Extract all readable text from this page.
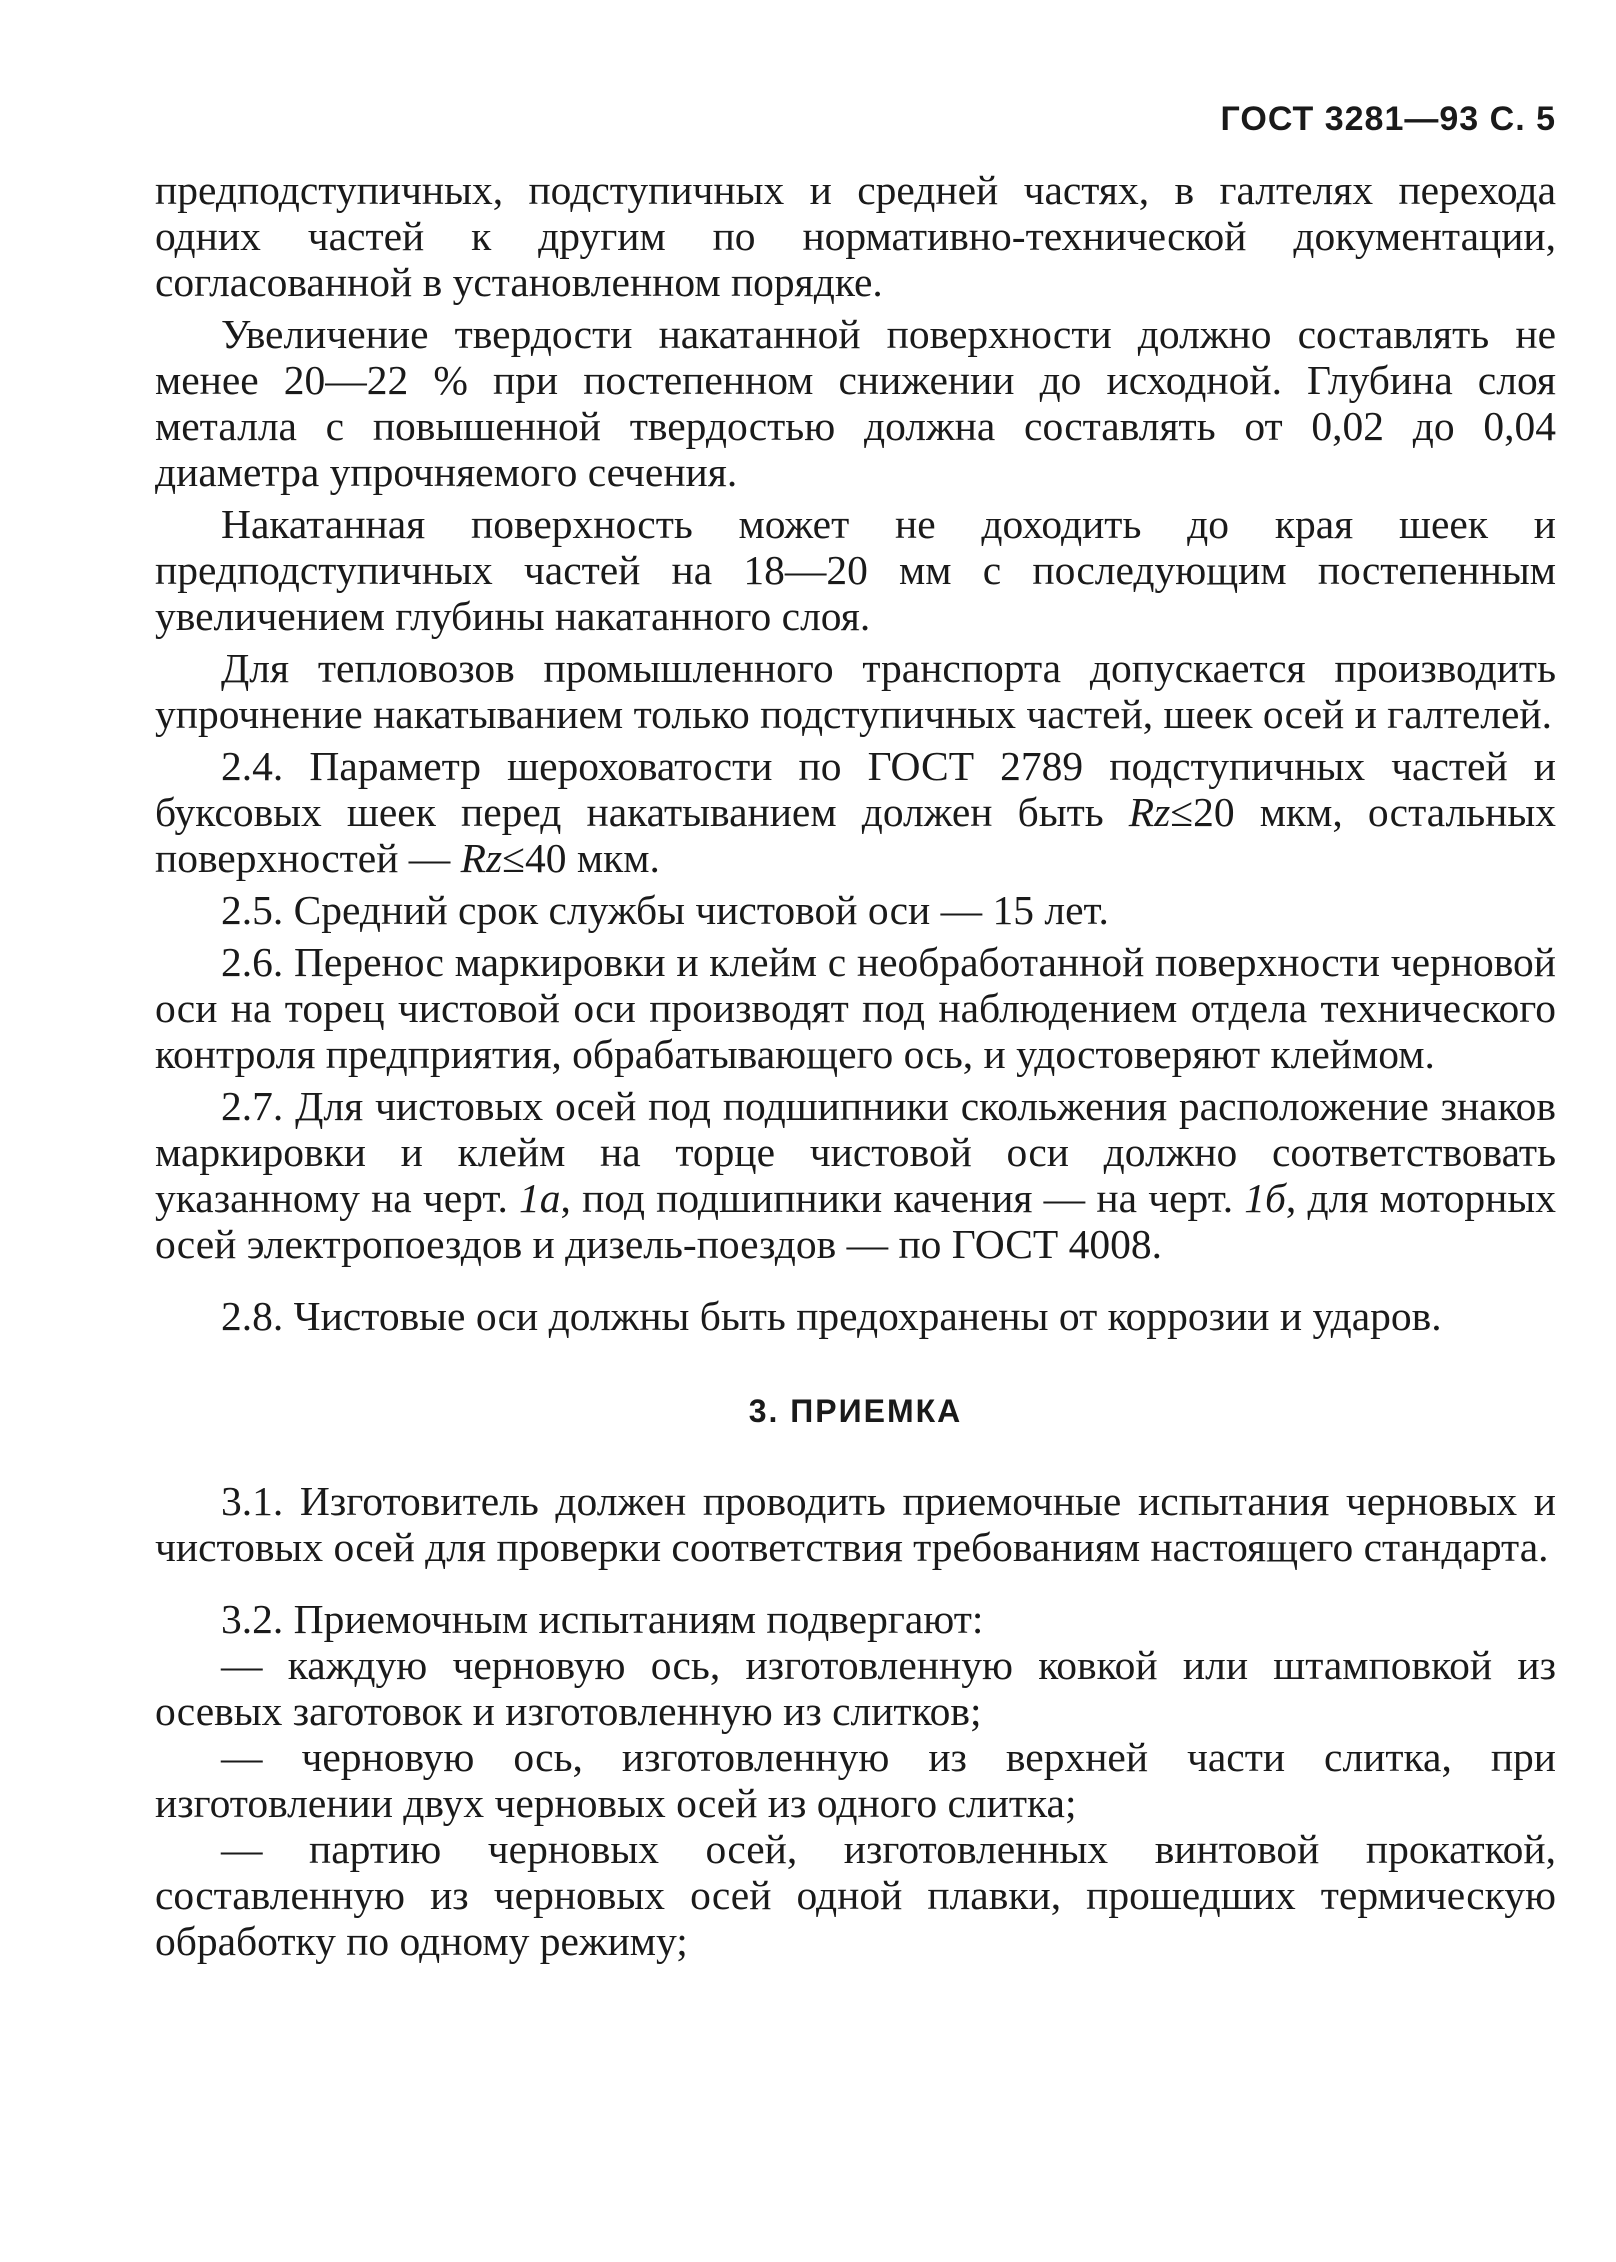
ГОСТ 3281—93 С. 5

предподступичных, подступичных и средней частях, в галтелях перехода одних частей к другим по нормативно-технической документации, согласованной в установленном порядке.

Увеличение твердости накатанной поверхности должно составлять не менее 20—22 % при постепенном снижении до исходной. Глубина слоя металла с повышенной твердостью должна составлять от 0,02 до 0,04 диаметра упрочняемого сечения.

Накатанная поверхность может не доходить до края шеек и предподступичных частей на 18—20 мм с последующим постепенным увеличением глубины накатанного слоя.

Для тепловозов промышленного транспорта допускается производить упрочнение накатыванием только подступичных частей, шеек осей и галтелей.

2.4. Параметр шероховатости по ГОСТ 2789 подступичных частей и буксовых шеек перед накатыванием должен быть Rz≤20 мкм, остальных поверхностей — Rz≤40 мкм.

2.5. Средний срок службы чистовой оси — 15 лет.

2.6. Перенос маркировки и клейм с необработанной поверхности черновой оси на торец чистовой оси производят под наблюдением отдела технического контроля предприятия, обрабатывающего ось, и удостоверяют клеймом.

2.7. Для чистовых осей под подшипники скольжения расположение знаков маркировки и клейм на торце чистовой оси должно соответствовать указанному на черт. 1а, под подшипники качения — на черт. 1б, для моторных осей электропоездов и дизель-поездов — по ГОСТ 4008.

2.8. Чистовые оси должны быть предохранены от коррозии и ударов.

3. ПРИЕМКА

3.1. Изготовитель должен проводить приемочные испытания черновых и чистовых осей для проверки соответствия требованиям настоящего стандарта.

3.2. Приемочным испытаниям подвергают:

— каждую черновую ось, изготовленную ковкой или штамповкой из осевых заготовок и изготовленную из слитков;

— черновую ось, изготовленную из верхней части слитка, при изготовлении двух черновых осей из одного слитка;

— партию черновых осей, изготовленных винтовой прокаткой, составленную из черновых осей одной плавки, прошедших термическую обработку по одному режиму;
